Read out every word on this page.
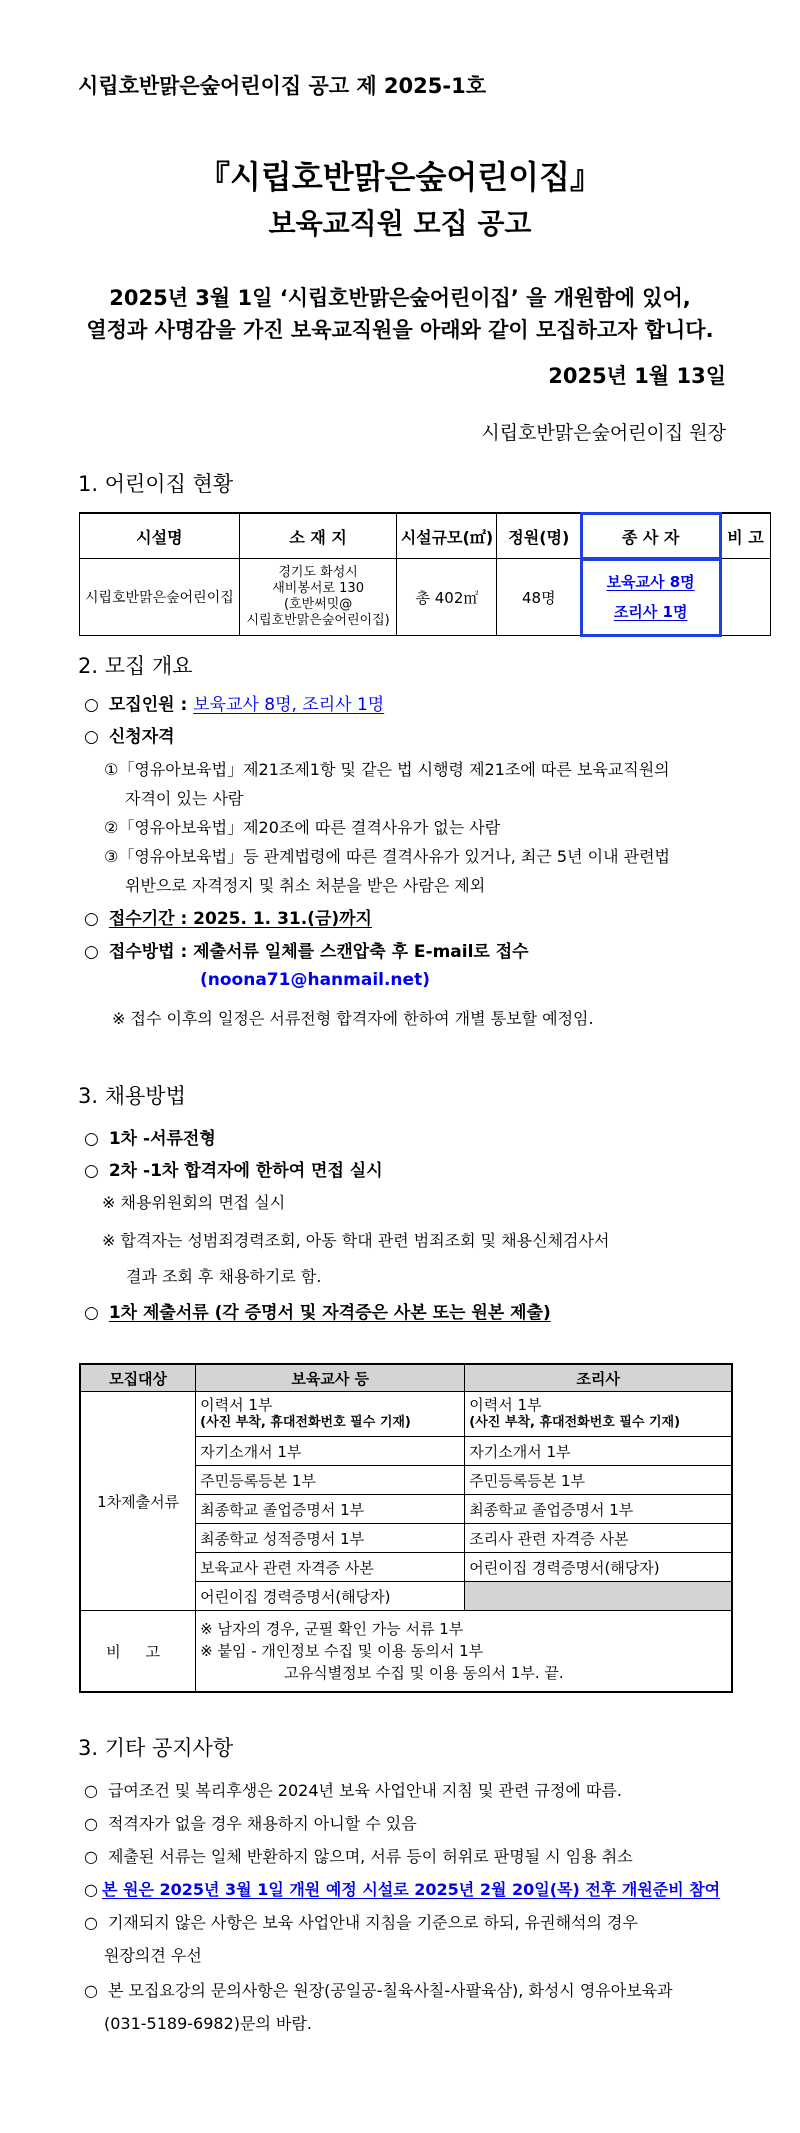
시립호반맑은숲어린이집 공고 제 2025-1호
『시립호반맑은숲어린이집』
보육교직원 모집 공고
2025년 3월 1일 ‘시립호반맑은숲어린이집’ 을 개원함에 있어,
열정과 사명감을 가진 보육교직원을 아래와 같이 모집하고자 합니다.
2025년 1월 13일
시립호반맑은숲어린이집 원장
1. 어린이집 현황
시설명	소 재 지	시설규모(㎡)	정원(명)	종 사 자	비 고
시립호반맑은숲어린이집	경기도 화성시
새비봉서로 130
(호반써밋@
시립호반맑은숲어린이집)	총 402㎡	48명	보육교사 8명
조리사 1명	

2. 모집 개요
○ 모집인원 : 보육교사 8명, 조리사 1명
○ 신청자격
①「영유아보육법」제21조제1항 및 같은 법 시행령 제21조에 따른 보육교직원의
자격이 있는 사람
②「영유아보육법」제20조에 따른 결격사유가 없는 사람
③「영유아보육법」등 관계법령에 따른 결격사유가 있거나, 최근 5년 이내 관련법
위반으로 자격정지 및 취소 처분을 받은 사람은 제외
○ 접수기간 : 2025. 1. 31.(금)까지
○ 접수방법 : 제출서류 일체를 스캔압축 후 E-mail로 접수
(noona71@hanmail.net)
※ 접수 이후의 일정은 서류전형 합격자에 한하여 개별 통보할 예정임.
3. 채용방법
○ 1차 -서류전형
○ 2차 -1차 합격자에 한하여 면접 실시
※ 채용위원회의 면접 실시
※ 합격자는 성범죄경력조회, 아동 학대 관련 범죄조회 및 채용신체검사서
결과 조회 후 채용하기로 함.
○ 1차 제출서류 (각 증명서 및 자격증은 사본 또는 원본 제출)
모집대상	보육교사 등	조리사
1차제출서류	이력서 1부
(사진 부착, 휴대전화번호 필수 기재)	이력서 1부
(사진 부착, 휴대전화번호 필수 기재)

	자기소개서 1부	자기소개서 1부
	주민등록등본 1부	주민등록등본 1부
	최종학교 졸업증명서 1부	최종학교 졸업증명서 1부
	최종학교 성적증명서 1부	조리사 관련 자격증 사본
	보육교사 관련 자격증 사본	어린이집 경력증명서(해당자)
	어린이집 경력증명서(해당자)	
비 고	※ 남자의 경우, 군필 확인 가능 서류 1부
※ 붙임 - 개인정보 수집 및 이용 동의서 1부
고유식별정보 수집 및 이용 동의서 1부. 끝.	
3. 기타 공지사항
○ 급여조건 및 복리후생은 2024년 보육 사업안내 지침 및 관련 규정에 따름.
○ 적격자가 없을 경우 채용하지 아니할 수 있음
○ 제출된 서류는 일체 반환하지 않으며, 서류 등이 허위로 판명될 시 임용 취소
○ 본 원은 2025년 3월 1일 개원 예정 시설로 2025년 2월 20일(목) 전후 개원준비 참여
○ 기재되지 않은 사항은 보육 사업안내 지침을 기준으로 하되, 유권해석의 경우
원장의견 우선
○ 본 모집요강의 문의사항은 원장(공일공-칠육사칠-사팔육삼), 화성시 영유아보육과
(031-5189-6982)문의 바람.
